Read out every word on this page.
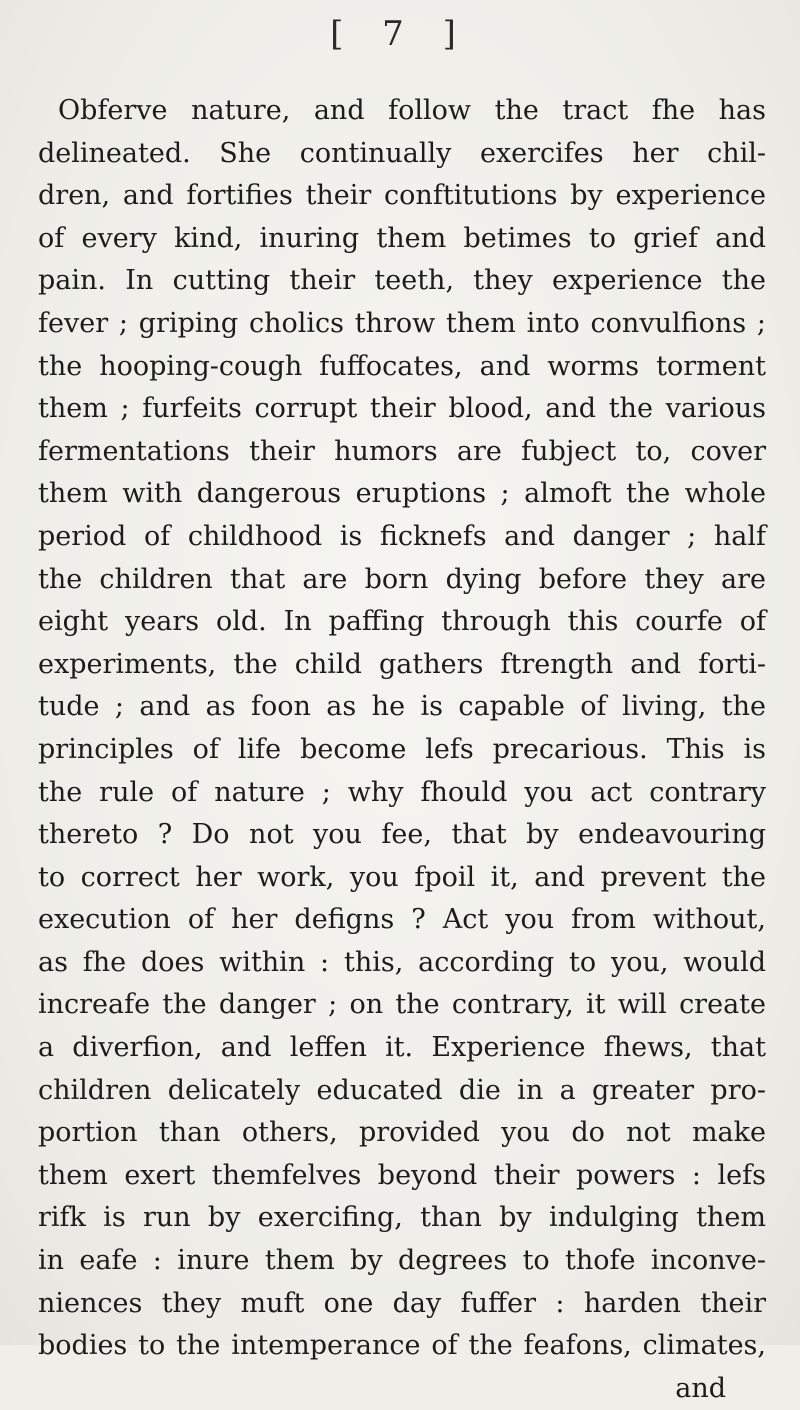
[ 7 ]
Obferve nature, and follow the tract fhe has
delineated. She continually exercifes her chil-
dren, and fortifies their conftitutions by experience
of every kind, inuring them betimes to grief and
pain. In cutting their teeth, they experience the
fever ; griping cholics throw them into convulfions ;
the hooping-cough fuffocates, and worms torment
them ; furfeits corrupt their blood, and the various
fermentations their humors are fubject to, cover
them with dangerous eruptions ; almoft the whole
period of childhood is ficknefs and danger ; half
the children that are born dying before they are
eight years old. In paffing through this courfe of
experiments, the child gathers ftrength and forti-
tude ; and as foon as he is capable of living, the
principles of life become lefs precarious. This is
the rule of nature ; why fhould you act contrary
thereto ? Do not you fee, that by endeavouring
to correct her work, you fpoil it, and prevent the
execution of her defigns ? Act you from without,
as fhe does within : this, according to you, would
increafe the danger ; on the contrary, it will create
a diverfion, and leffen it. Experience fhews, that
children delicately educated die in a greater pro-
portion than others, provided you do not make
them exert themfelves beyond their powers : lefs
rifk is run by exercifing, than by indulging them
in eafe : inure them by degrees to thofe inconve-
niences they muft one day fuffer : harden their
bodies to the intemperance of the feafons, climates,
and
